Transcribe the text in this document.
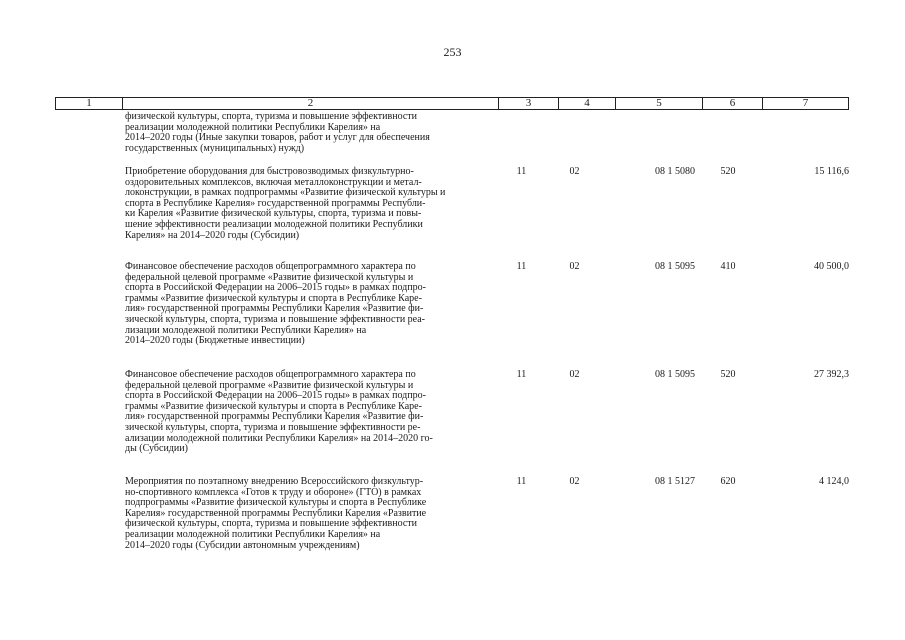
253
1	2	3	4	5	6	7
физической культуры, спорта, туризма и повышение эффективности
реализации молодежной политики Республики Карелия» на
2014–2020 годы (Иные закупки товаров, работ и услуг для обеспечения
государственных (муниципальных) нужд)
Приобретение оборудования для быстровозводимых физкультурно-
оздоровительных комплексов, включая металлоконструкции и метал-
локонструкции, в рамках подпрограммы «Развитие физической культуры и
спорта в Республике Карелия» государственной программы Республи-
ки Карелия «Развитие физической культуры, спорта, туризма и повы-
шение эффективности реализации молодежной политики Республики
Карелия» на 2014–2020 годы (Субсидии)
11	02	08 1 5080	520	15 116,6
Финансовое обеспечение расходов общепрограммного характера по
федеральной целевой программе «Развитие физической культуры и
спорта в Российской Федерации на 2006–2015 годы» в рамках подпро-
граммы «Развитие физической культуры и спорта в Республике Каре-
лия» государственной программы Республики Карелия «Развитие фи-
зической культуры, спорта, туризма и повышение эффективности реа-
лизации молодежной политики Республики Карелия» на
2014–2020 годы (Бюджетные инвестиции)
11	02	08 1 5095	410	40 500,0
Финансовое обеспечение расходов общепрограммного характера по
федеральной целевой программе «Развитие физической культуры и
спорта в Российской Федерации на 2006–2015 годы» в рамках подпро-
граммы «Развитие физической культуры и спорта в Республике Каре-
лия» государственной программы Республики Карелия «Развитие фи-
зической культуры, спорта, туризма и повышение эффективности ре-
ализации молодежной политики Республики Карелия» на 2014–2020 го-
ды (Субсидии)
11	02	08 1 5095	520	27 392,3
Мероприятия по поэтапному внедрению Всероссийского физкультур-
но-спортивного комплекса «Готов к труду и обороне» (ГТО) в рамках
подпрограммы «Развитие физической культуры и спорта в Республике
Карелия» государственной программы Республики Карелия «Развитие
физической культуры, спорта, туризма и повышение эффективности
реализации молодежной политики Республики Карелия» на
2014–2020 годы (Субсидии автономным учреждениям)
11	02	08 1 5127	620	4 124,0
